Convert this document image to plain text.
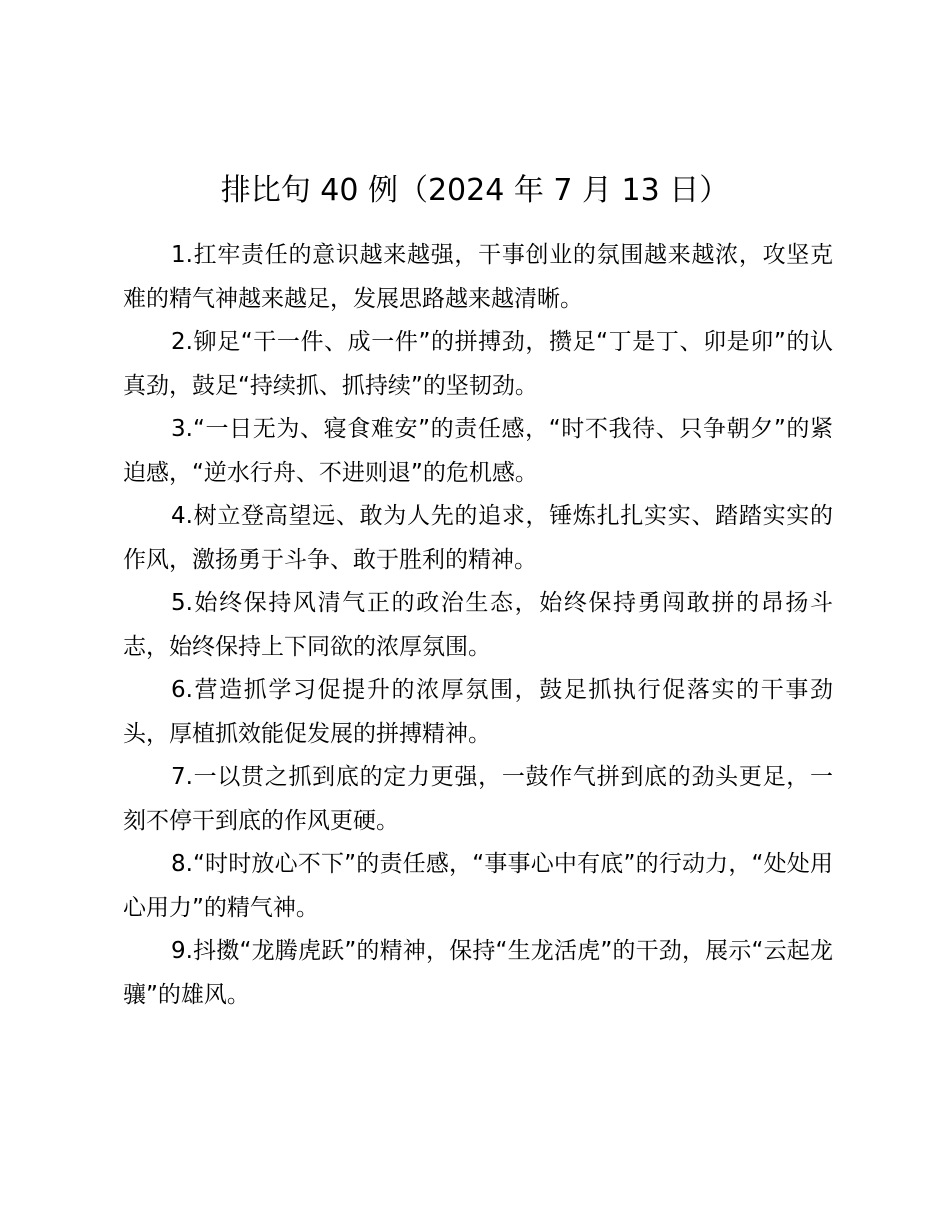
排比句 40 例（2024 年 7 月 13 日）

1.扛牢责任的意识越来越强，干事创业的氛围越来越浓，攻坚克难的精气神越来越足，发展思路越来越清晰。

2.铆足“干一件、成一件”的拼搏劲，攒足“丁是丁、卯是卯”的认真劲，鼓足“持续抓、抓持续”的坚韧劲。

3.“一日无为、寝食难安”的责任感，“时不我待、只争朝夕”的紧迫感，“逆水行舟、不进则退”的危机感。

4.树立登高望远、敢为人先的追求，锤炼扎扎实实、踏踏实实的作风，激扬勇于斗争、敢于胜利的精神。

5.始终保持风清气正的政治生态，始终保持勇闯敢拼的昂扬斗志，始终保持上下同欲的浓厚氛围。

6.营造抓学习促提升的浓厚氛围，鼓足抓执行促落实的干事劲头，厚植抓效能促发展的拼搏精神。

7.一以贯之抓到底的定力更强，一鼓作气拼到底的劲头更足，一刻不停干到底的作风更硬。

8.“时时放心不下”的责任感，“事事心中有底”的行动力，“处处用心用力”的精气神。

9.抖擞“龙腾虎跃”的精神，保持“生龙活虎”的干劲，展示“云起龙骧”的雄风。
